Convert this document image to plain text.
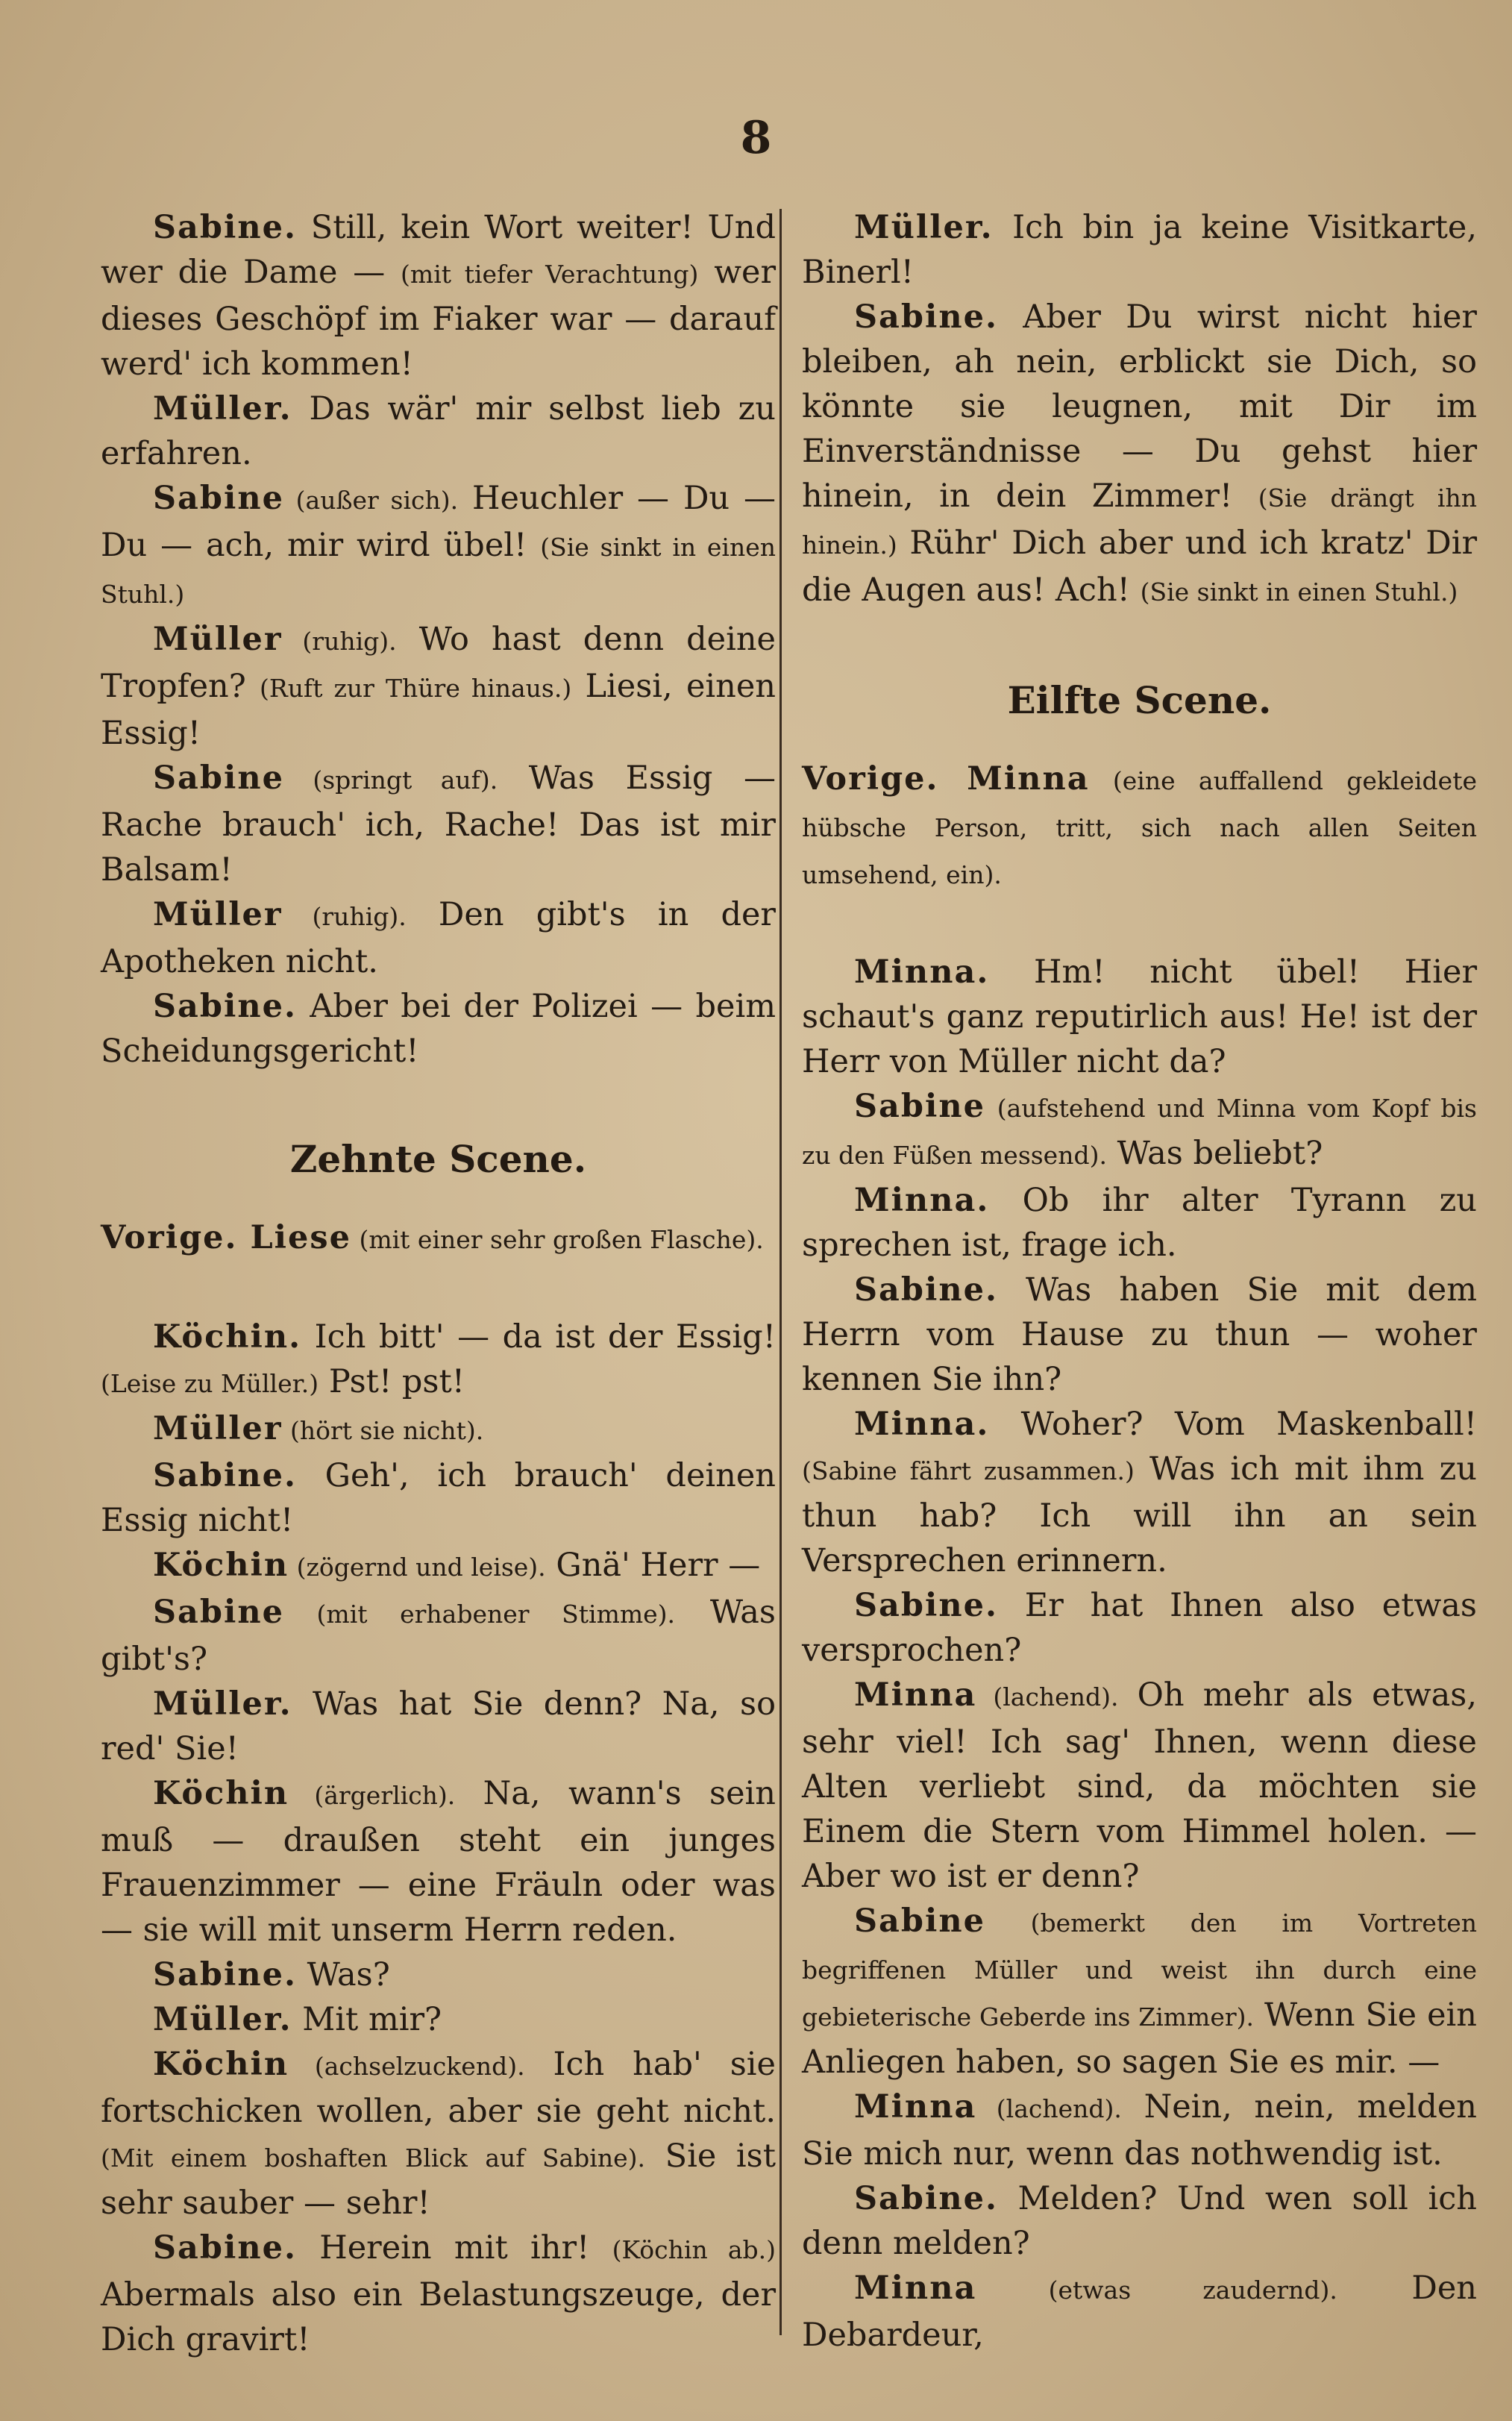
8

Sabine. Still, kein Wort weiter! Und wer die Dame — (mit tiefer Verachtung) wer dieses Geschöpf im Fiaker war — darauf werd' ich kommen!

Müller. Das wär' mir selbst lieb zu erfahren.

Sabine (außer sich). Heuchler — Du — Du — ach, mir wird übel! (Sie sinkt in einen Stuhl.)

Müller (ruhig). Wo hast denn deine Tropfen? (Ruft zur Thüre hinaus.) Liesi, einen Essig!

Sabine (springt auf). Was Essig — Rache brauch' ich, Rache! Das ist mir Balsam!

Müller (ruhig). Den gibt's in der Apotheken nicht.

Sabine. Aber bei der Polizei — beim Scheidungsgericht!

Zehnte Scene.

Vorige. Liese (mit einer sehr großen Flasche).

Köchin. Ich bitt' — da ist der Essig! (Leise zu Müller.) Pst! pst!

Müller (hört sie nicht).

Sabine. Geh', ich brauch' deinen Essig nicht!

Köchin (zögernd und leise). Gnä' Herr —

Sabine (mit erhabener Stimme). Was gibt's?

Müller. Was hat Sie denn? Na, so red' Sie!

Köchin (ärgerlich). Na, wann's sein muß — draußen steht ein junges Frauenzimmer — eine Fräuln oder was — sie will mit unserm Herrn reden.

Sabine. Was?

Müller. Mit mir?

Köchin (achselzuckend). Ich hab' sie fortschicken wollen, aber sie geht nicht. (Mit einem boshaften Blick auf Sabine). Sie ist sehr sauber — sehr!

Sabine. Herein mit ihr! (Köchin ab.) Abermals also ein Belastungszeuge, der Dich gravirt!

Müller. Ich bin ja keine Visitkarte, Binerl!

Sabine. Aber Du wirst nicht hier bleiben, ah nein, erblickt sie Dich, so könnte sie leugnen, mit Dir im Einverständnisse — Du gehst hier hinein, in dein Zimmer! (Sie drängt ihn hinein.) Rühr' Dich aber und ich kratz' Dir die Augen aus! Ach! (Sie sinkt in einen Stuhl.)

Eilfte Scene.

Vorige. Minna (eine auffallend gekleidete hübsche Person, tritt, sich nach allen Seiten umsehend, ein).

Minna. Hm! nicht übel! Hier schaut's ganz reputirlich aus! He! ist der Herr von Müller nicht da?

Sabine (aufstehend und Minna vom Kopf bis zu den Füßen messend). Was beliebt?

Minna. Ob ihr alter Tyrann zu sprechen ist, frage ich.

Sabine. Was haben Sie mit dem Herrn vom Hause zu thun — woher kennen Sie ihn?

Minna. Woher? Vom Maskenball! (Sabine fährt zusammen.) Was ich mit ihm zu thun hab? Ich will ihn an sein Versprechen erinnern.

Sabine. Er hat Ihnen also etwas versprochen?

Minna (lachend). Oh mehr als etwas, sehr viel! Ich sag' Ihnen, wenn diese Alten verliebt sind, da möchten sie Einem die Stern vom Himmel holen. — Aber wo ist er denn?

Sabine (bemerkt den im Vortreten begriffenen Müller und weist ihn durch eine gebieterische Geberde ins Zimmer). Wenn Sie ein Anliegen haben, so sagen Sie es mir. —

Minna (lachend). Nein, nein, melden Sie mich nur, wenn das nothwendig ist.

Sabine. Melden? Und wen soll ich denn melden?

Minna (etwas zaudernd). Den Debardeur,
